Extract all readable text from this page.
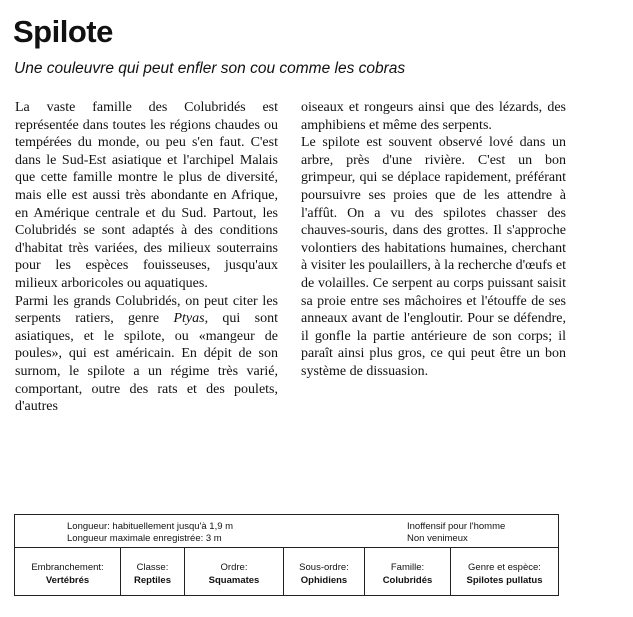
Spilote

Une couleuvre qui peut enfler son cou comme les cobras

La vaste famille des Colubridés est représentée dans toutes les régions chaudes ou tempérées du monde, ou peu s'en faut. C'est dans le Sud-Est asiatique et l'archipel Malais que cette famille montre le plus de diversité, mais elle est aussi très abondante en Afrique, en Amérique centrale et du Sud. Partout, les Colubridés se sont adaptés à des conditions d'habitat très variées, des milieux souterrains pour les espèces fouisseuses, jusqu'aux milieux arboricoles ou aquatiques.

Parmi les grands Colubridés, on peut citer les serpents ratiers, genre Ptyas, qui sont asiatiques, et le spilote, ou «mangeur de poules», qui est américain. En dépit de son surnom, le spilote a un régime très varié, comportant, outre des rats et des poulets, d'autres

oiseaux et rongeurs ainsi que des lézards, des amphibiens et même des serpents.

Le spilote est souvent observé lové dans un arbre, près d'une rivière. C'est un bon grimpeur, qui se déplace rapidement, préférant poursuivre ses proies que de les attendre à l'affût. On a vu des spilotes chasser des chauves-souris, dans des grottes. Il s'approche volontiers des habitations humaines, cherchant à visiter les poulaillers, à la recherche d'œufs et de volailles. Ce serpent au corps puissant saisit sa proie entre ses mâchoires et l'étouffe de ses anneaux avant de l'engloutir. Pour se défendre, il gonfle la partie antérieure de son corps; il paraît ainsi plus gros, ce qui peut être un bon système de dissuasion.

Longueur: habituellement jusqu'à 1,9 m
Longueur maximale enregistrée: 3 m
Inoffensif pour l'homme
Non venimeux
Embranchement:
Vertébrés
Classe:
Reptiles
Ordre:
Squamates
Sous-ordre:
Ophidiens
Famille:
Colubridés
Genre et espèce:
Spilotes pullatus
